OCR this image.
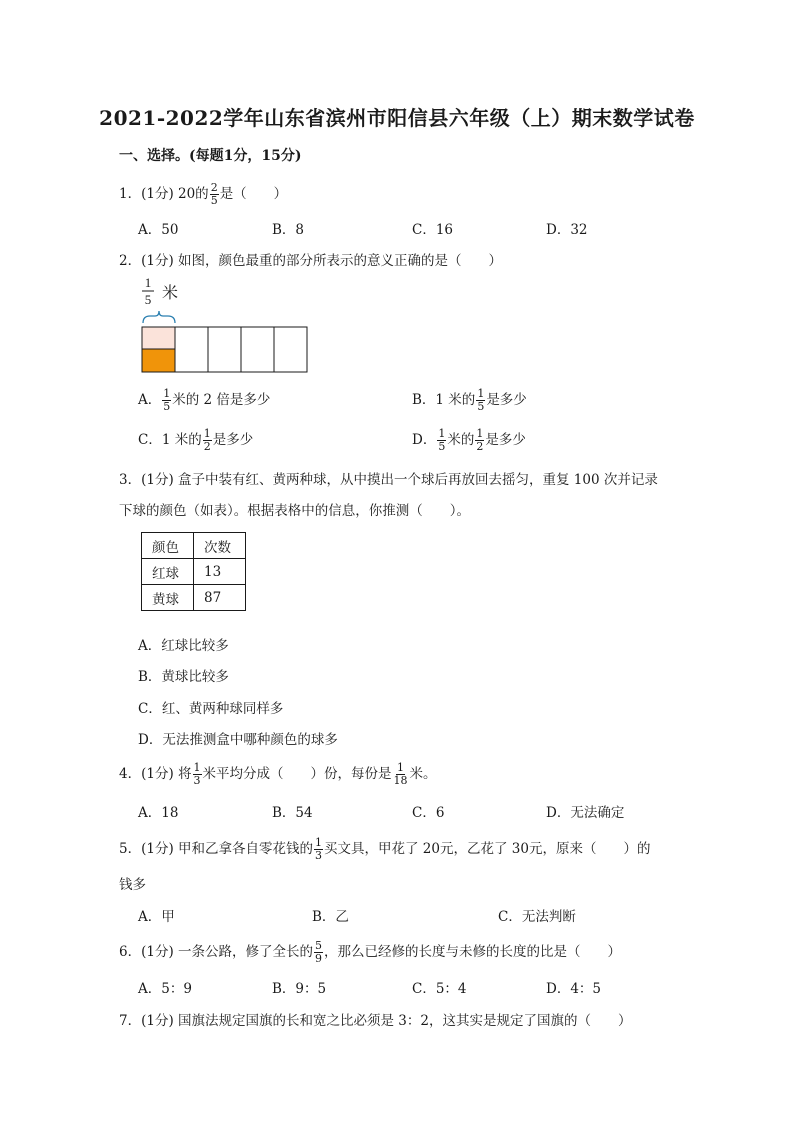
2021-2022学年山东省滨州市阳信县六年级（上）期末数学试卷
一、选择。(每题1分，15分)
1．(1分) 20的 $\frac{2}{5}$ 是（　　）
A．50	B．8	C．16	D．32
2．(1分) 如图，颜色最重的部分所表示的意义正确的是（　　）
1
5 米
A． $\frac{1}{5}$ 米的 2 倍是多少	B．1 米的 $\frac{1}{5}$ 是多少
C．1 米的 $\frac{1}{2}$ 是多少	D． $\frac{1}{5}$ 米的 $\frac{1}{2}$ 是多少
3．(1分) 盒子中装有红、黄两种球，从中摸出一个球后再放回去摇匀，重复 100 次并记录
下球的颜色（如表）。根据表格中的信息，你推测（　　）。
颜色	次数
红球	13
黄球	87
A．红球比较多
B．黄球比较多
C．红、黄两种球同样多
D．无法推测盒中哪种颜色的球多
4．(1分) 将 $\frac{1}{3}$ 米平均分成（　　）份，每份是 $\frac{1}{18}$ 米。
A．18	B．54	C．6	D．无法确定
5．(1分) 甲和乙拿各自零花钱的 $\frac{1}{3}$ 买文具，甲花了 20元，乙花了 30元，原来（　　）的
钱多
A．甲	B．乙	C．无法判断
6．(1分) 一条公路，修了全长的 $\frac{5}{9}$ ，那么已经修的长度与未修的长度的比是（　　）
A．5：9	B．9：5	C．5：4	D．4：5
7．(1分) 国旗法规定国旗的长和宽之比必须是 3：2，这其实是规定了国旗的（　　）
